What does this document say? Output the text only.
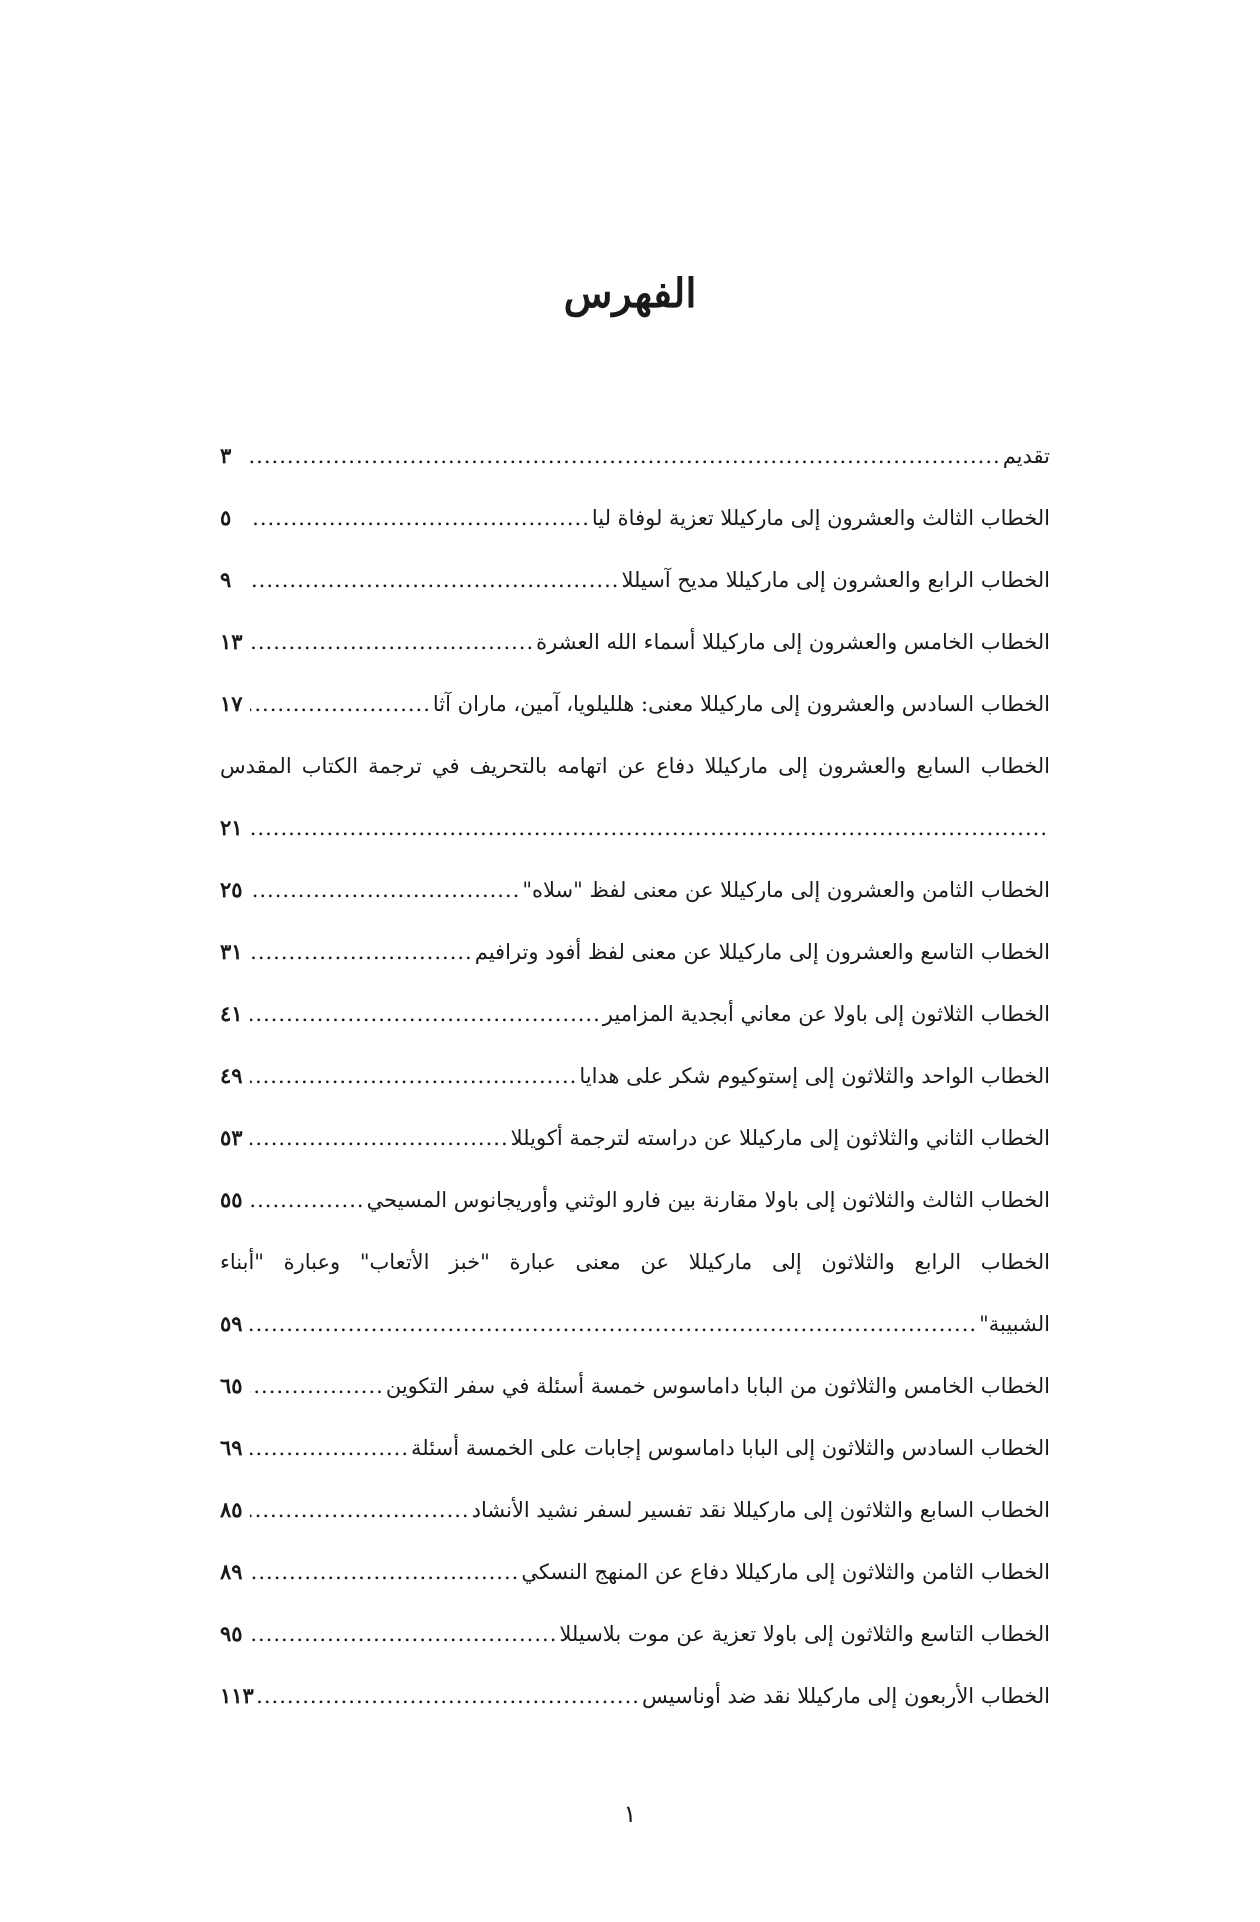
الفهرس
تقديم
.....
٣
الخطاب الثالث والعشرون إلى ماركيللا تعزية لوفاة ليا
.....
٥
الخطاب الرابع والعشرون إلى ماركيللا مديح آسيللا
.....
٩
الخطاب الخامس والعشرون إلى ماركيللا أسماء الله العشرة
.....
١٣
الخطاب السادس والعشرون إلى ماركيللا معنى: هلليلويا، آمين، ماران آثا
.....
١٧
الخطاب السابع والعشرون إلى ماركيللا دفاع عن اتهامه بالتحريف في ترجمة الكتاب المقدس
.....
٢١
الخطاب الثامن والعشرون إلى ماركيللا عن معنى لفظ "سلاه"
.....
٢٥
الخطاب التاسع والعشرون إلى ماركيللا عن معنى لفظ أفود وترافيم
.....
٣١
الخطاب الثلاثون إلى باولا عن معاني أبجدية المزامير
.....
٤١
الخطاب الواحد والثلاثون إلى إستوكيوم شكر على هدايا
.....
٤٩
الخطاب الثاني والثلاثون إلى ماركيللا عن دراسته لترجمة أكويللا
.....
٥٣
الخطاب الثالث والثلاثون إلى باولا مقارنة بين فارو الوثني وأوريجانوس المسيحي
.....
٥٥
الخطاب الرابع والثلاثون إلى ماركيللا عن معنى عبارة "خبز الأتعاب" وعبارة "أبناء
الشبيبة"
.....
٥٩
الخطاب الخامس والثلاثون من البابا داماسوس خمسة أسئلة في سفر التكوين
.....
٦٥
الخطاب السادس والثلاثون إلى البابا داماسوس إجابات على الخمسة أسئلة
.....
٦٩
الخطاب السابع والثلاثون إلى ماركيللا نقد تفسير لسفر نشيد الأنشاد
.....
٨٥
الخطاب الثامن والثلاثون إلى ماركيللا دفاع عن المنهج النسكي
.....
٨٩
الخطاب التاسع والثلاثون إلى باولا تعزية عن موت بلاسيللا
.....
٩٥
الخطاب الأربعون إلى ماركيللا نقد ضد أوناسيس
.....
١١٣
١
